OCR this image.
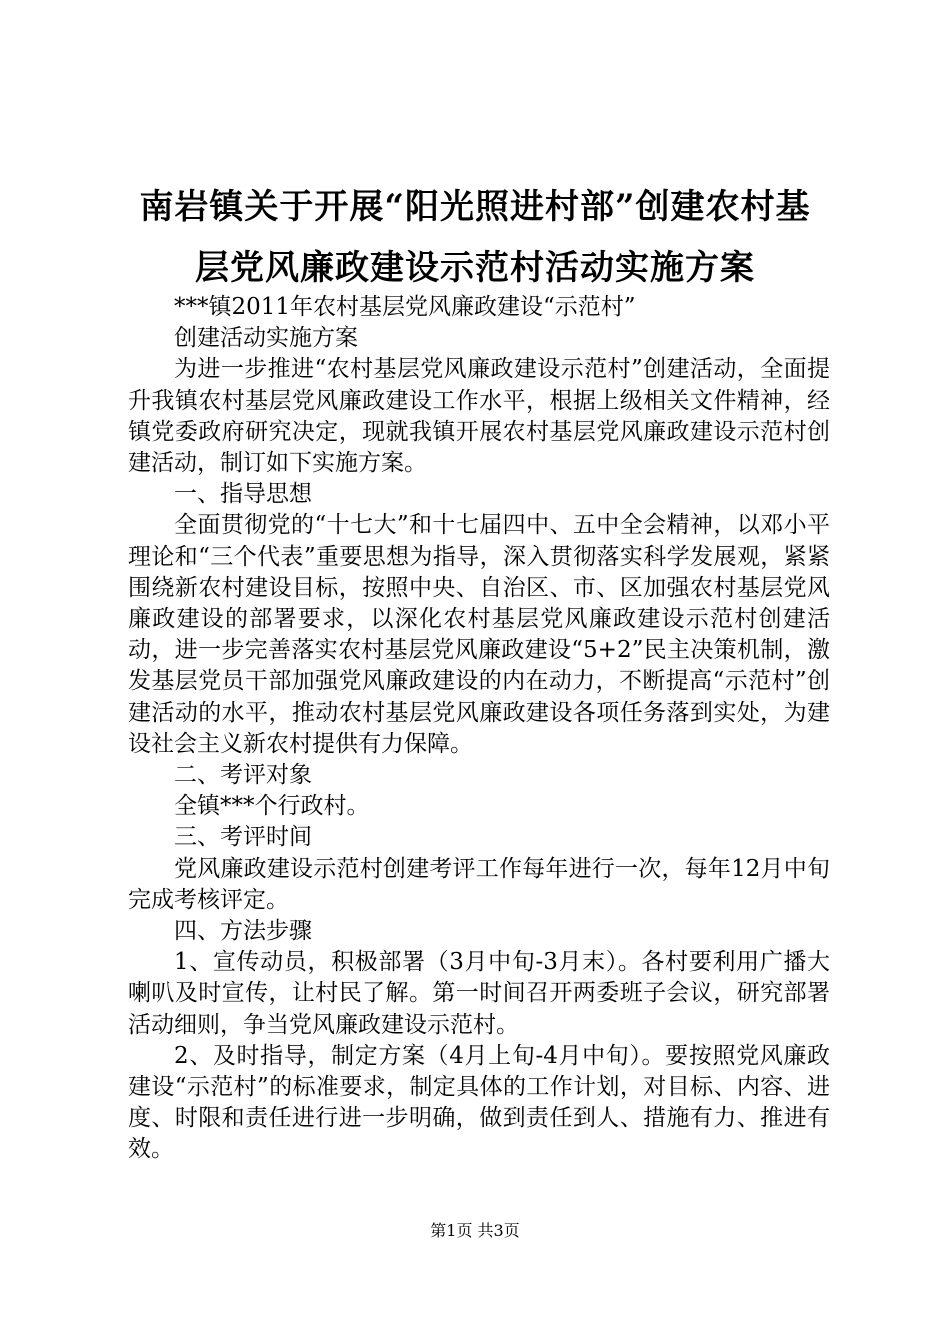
南岩镇关于开展“阳光照进村部”创建农村基
层党风廉政建设示范村活动实施方案

***镇2011年农村基层党风廉政建设“示范村”

创建活动实施方案

为进一步推进“农村基层党风廉政建设示范村”创建活动，全面提升我镇农村基层党风廉政建设工作水平，根据上级相关文件精神，经镇党委政府研究决定，现就我镇开展农村基层党风廉政建设示范村创建活动，制订如下实施方案。

一、指导思想

全面贯彻党的“十七大”和十七届四中、五中全会精神，以邓小平理论和“三个代表”重要思想为指导，深入贯彻落实科学发展观，紧紧围绕新农村建设目标，按照中央、自治区、市、区加强农村基层党风廉政建设的部署要求，以深化农村基层党风廉政建设示范村创建活动，进一步完善落实农村基层党风廉政建设“5+2”民主决策机制，激发基层党员干部加强党风廉政建设的内在动力，不断提高“示范村”创建活动的水平，推动农村基层党风廉政建设各项任务落到实处，为建设社会主义新农村提供有力保障。

二、考评对象

全镇***个行政村。

三、考评时间

党风廉政建设示范村创建考评工作每年进行一次，每年12月中旬完成考核评定。

四、方法步骤

1、宣传动员，积极部署（3月中旬-3月末）。各村要利用广播大喇叭及时宣传，让村民了解。第一时间召开两委班子会议，研究部署活动细则，争当党风廉政建设示范村。

2、及时指导，制定方案（4月上旬-4月中旬）。要按照党风廉政建设“示范村”的标准要求，制定具体的工作计划，对目标、内容、进度、时限和责任进行进一步明确，做到责任到人、措施有力、推进有效。

第1页 共3页
